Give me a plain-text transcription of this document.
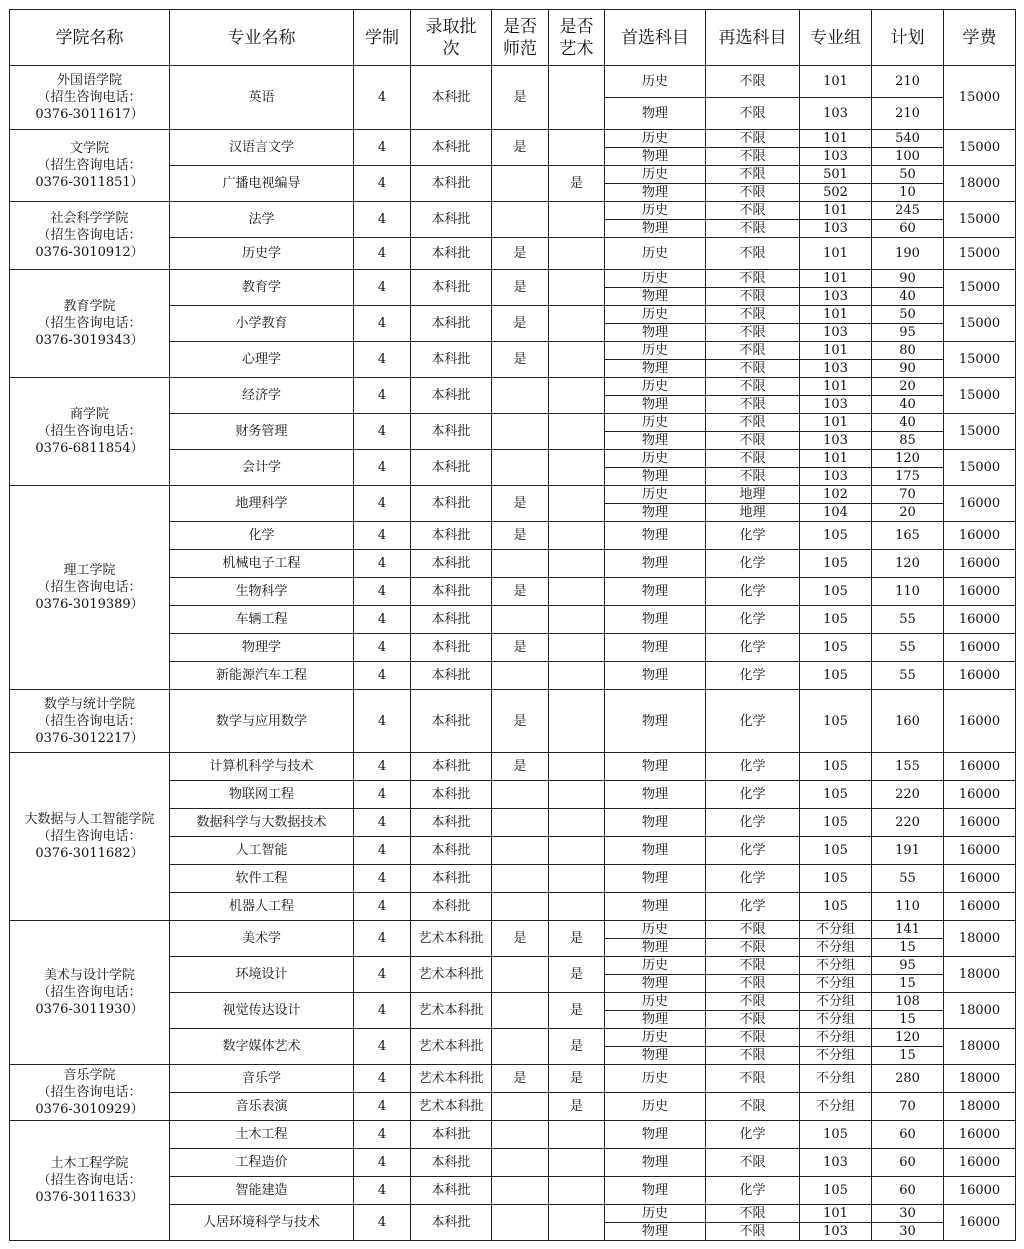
学院名称	专业名称	学制	录取批次	是否师范	是否艺术	首选科目	再选科目	专业组	计划	学费

外国语学院
（招生咨询电话：
0376-3011617）	英语	4	本科批	是		历史	不限	101	210	15000
						物理	不限	103	210	

文学院
（招生咨询电话：
0376-3011851）	汉语言文学	4	本科批	是		历史	不限	101	540	15000
						物理	不限	103	100	
	广播电视编导	4	本科批		是	历史	不限	501	50	18000
						物理	不限	502	10	

社会科学学院
（招生咨询电话：
0376-3010912）	法学	4	本科批			历史	不限	101	245	15000
						物理	不限	103	60	
	历史学	4	本科批	是		历史	不限	101	190	15000

教育学院
（招生咨询电话：
0376-3019343）	教育学	4	本科批	是		历史	不限	101	90	15000
						物理	不限	103	40	
	小学教育	4	本科批	是		历史	不限	101	50	15000
						物理	不限	103	95	
	心理学	4	本科批	是		历史	不限	101	80	15000
						物理	不限	103	90	

商学院
（招生咨询电话：
0376-6811854）	经济学	4	本科批			历史	不限	101	20	15000
						物理	不限	103	40	
	财务管理	4	本科批			历史	不限	101	40	15000
						物理	不限	103	85	
	会计学	4	本科批			历史	不限	101	120	15000
						物理	不限	103	175	

理工学院
（招生咨询电话：
0376-3019389）	地理科学	4	本科批	是		历史	地理	102	70	16000
						物理	地理	104	20	
	化学	4	本科批	是		物理	化学	105	165	16000
	机械电子工程	4	本科批			物理	化学	105	120	16000
	生物科学	4	本科批	是		物理	化学	105	110	16000
	车辆工程	4	本科批			物理	化学	105	55	16000
	物理学	4	本科批	是		物理	化学	105	55	16000
	新能源汽车工程	4	本科批			物理	化学	105	55	16000

数学与统计学院
（招生咨询电话：
0376-3012217）	数学与应用数学	4	本科批	是		物理	化学	105	160	16000

大数据与人工智能学院
（招生咨询电话：
0376-3011682）	计算机科学与技术	4	本科批	是		物理	化学	105	155	16000
	物联网工程	4	本科批			物理	化学	105	220	16000
	数据科学与大数据技术	4	本科批			物理	化学	105	220	16000
	人工智能	4	本科批			物理	化学	105	191	16000
	软件工程	4	本科批			物理	化学	105	55	16000
	机器人工程	4	本科批			物理	化学	105	110	16000

美术与设计学院
（招生咨询电话：
0376-3011930）	美术学	4	艺术本科批	是	是	历史	不限	不分组	141	18000
						物理	不限	不分组	15	
	环境设计	4	艺术本科批		是	历史	不限	不分组	95	18000
						物理	不限	不分组	15	
	视觉传达设计	4	艺术本科批		是	历史	不限	不分组	108	18000
						物理	不限	不分组	15	
	数字媒体艺术	4	艺术本科批		是	历史	不限	不分组	120	18000
						物理	不限	不分组	15	

音乐学院
（招生咨询电话：
0376-3010929）	音乐学	4	艺术本科批	是	是	历史	不限	不分组	280	18000
	音乐表演	4	艺术本科批		是	历史	不限	不分组	70	18000

土木工程学院
（招生咨询电话：
0376-3011633）	土木工程	4	本科批			物理	化学	105	60	16000
	工程造价	4	本科批			物理	不限	103	60	16000
	智能建造	4	本科批			物理	化学	105	60	16000
	人居环境科学与技术	4	本科批			历史	不限	101	30	16000
						物理	不限	103	30	
